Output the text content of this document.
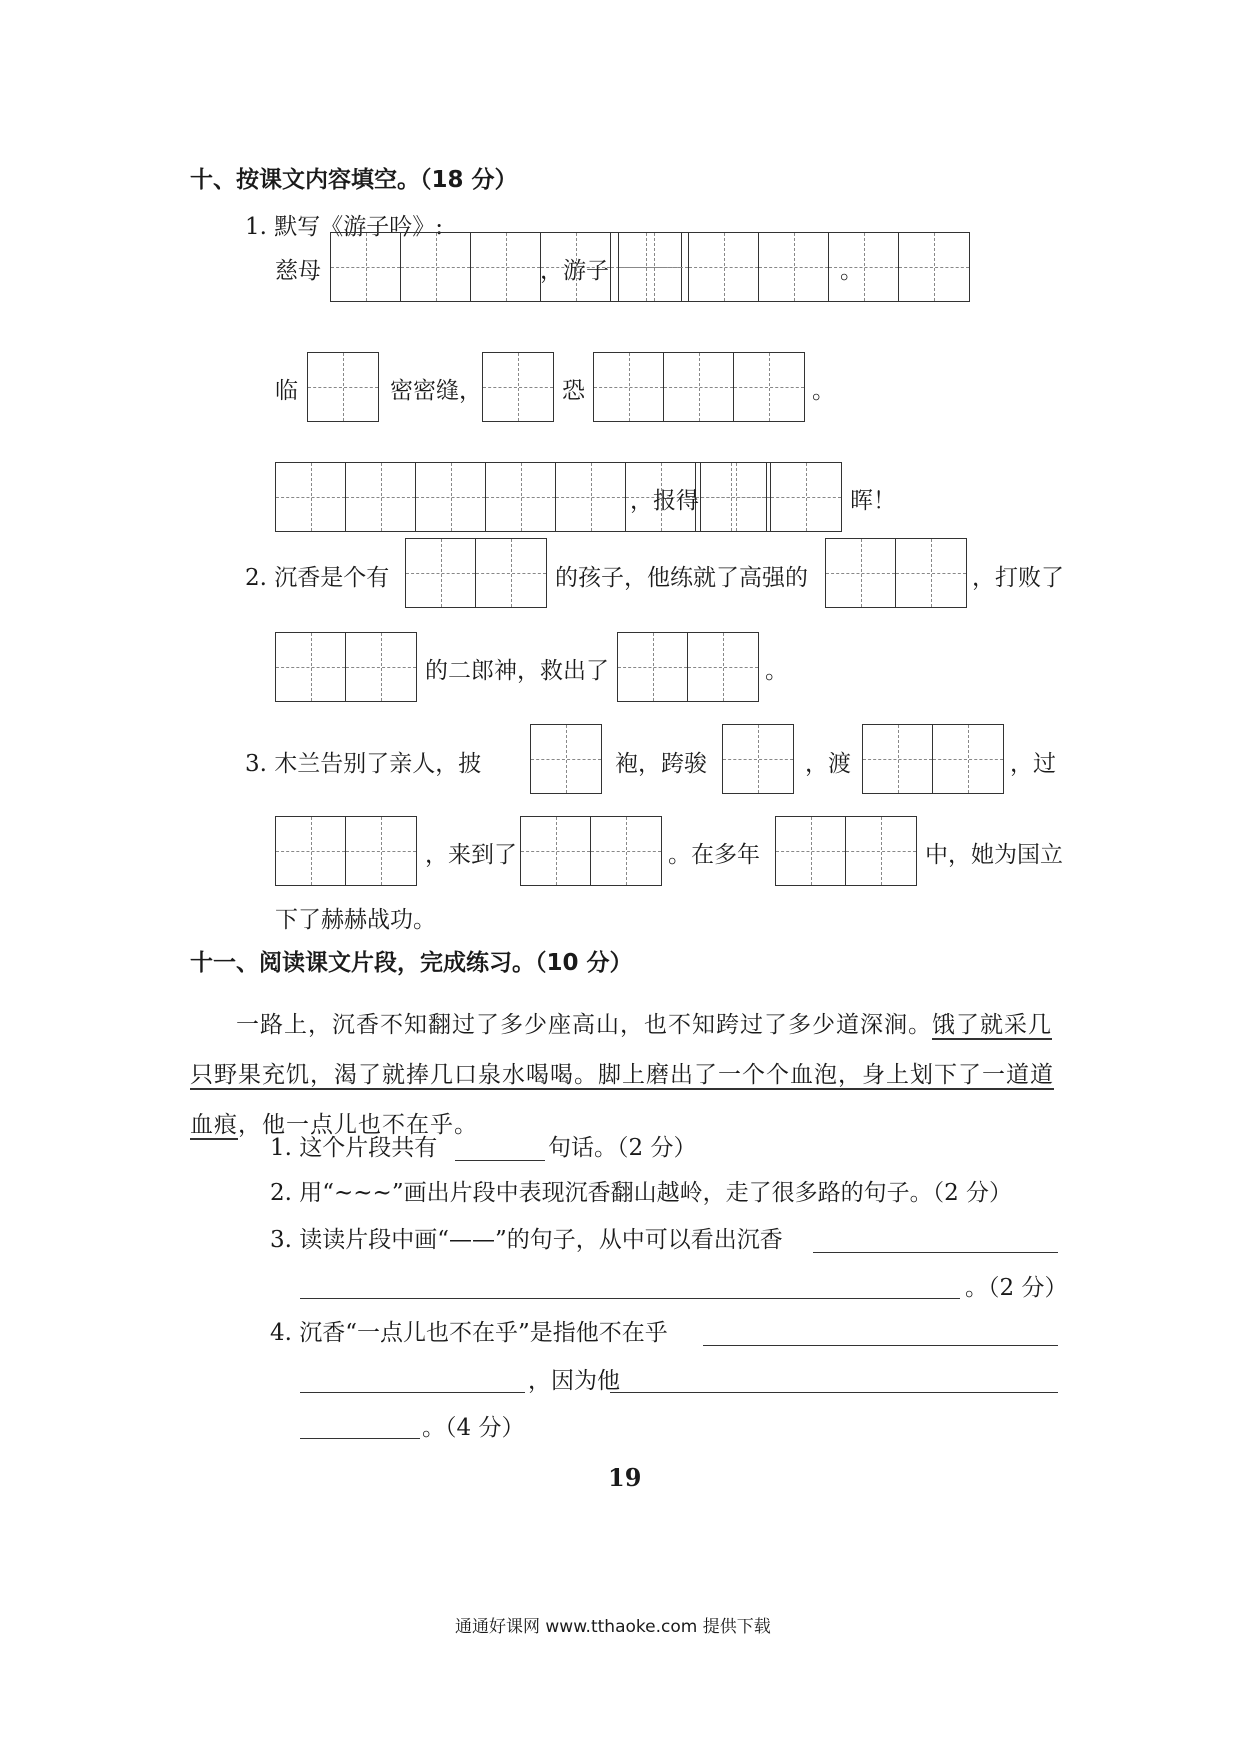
十、按课文内容填空。（18 分）
1. 默写《游子吟》:
慈母	，游子	。
临	密密缝，	恐	。
，报得	晖！
2. 沉香是个有	的孩子，他练就了高强的	，打败了
的二郎神，救出了	。
3. 木兰告别了亲人，披	袍，跨骏	，渡	，过
，来到了	。在多年	中，她为国立
下了赫赫战功。
十一、阅读课文片段，完成练习。（10 分）
一路上，沉香不知翻过了多少座高山，也不知跨过了多少道深涧。饿了就采几只野果充饥，渴了就捧几口泉水喝喝。脚上磨出了一个个血泡，身上划下了一道道血痕，他一点儿也不在乎。
1. 这个片段共有	句话。（2 分）
2. 用“~~~”画出片段中表现沉香翻山越岭，走了很多路的句子。（2 分）
3. 读读片段中画“——”的句子，从中可以看出沉香
。（2 分）
4. 沉香“一点儿也不在乎”是指他不在乎
，因为他
。（4 分）
19
通通好课网 www.tthaoke.com 提供下载
